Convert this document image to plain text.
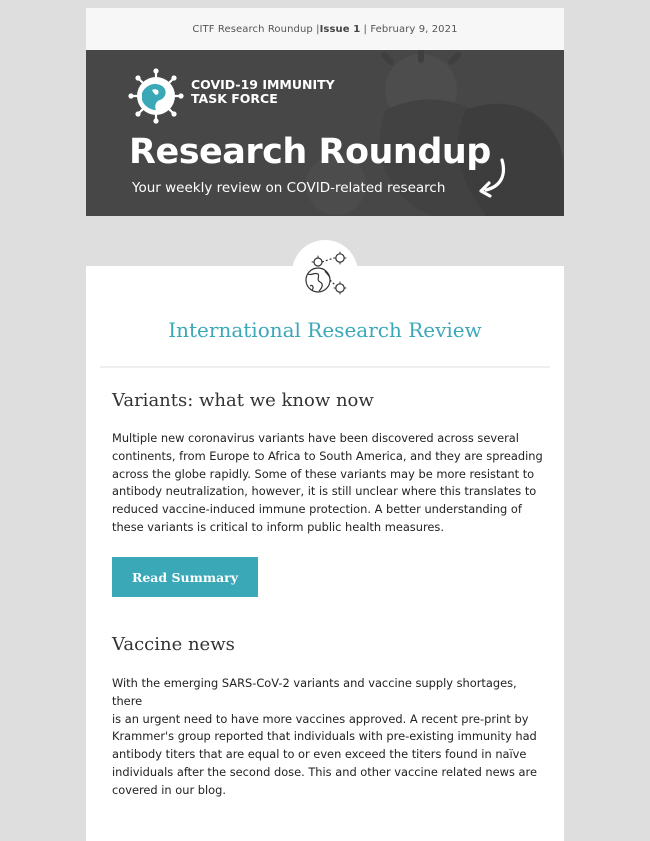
CITF Research Roundup | Issue 1 | February 9, 2021
COVID-19 IMMUNITY
TASK FORCE
Research Roundup
Your weekly review on COVID-related research
International Research Review
Variants: what we know now
Multiple new coronavirus variants have been discovered across several
continents, from Europe to Africa to South America, and they are spreading
across the globe rapidly. Some of these variants may be more resistant to
antibody neutralization, however, it is still unclear where this translates to
reduced vaccine-induced immune protection. A better understanding of
these variants is critical to inform public health measures.
Read Summary
Vaccine news
With the emerging SARS-CoV-2 variants and vaccine supply shortages, there
is an urgent need to have more vaccines approved. A recent pre-print by
Krammer's group reported that individuals with pre-existing immunity had
antibody titers that are equal to or even exceed the titers found in naïve
individuals after the second dose. This and other vaccine related news are
covered in our blog.
